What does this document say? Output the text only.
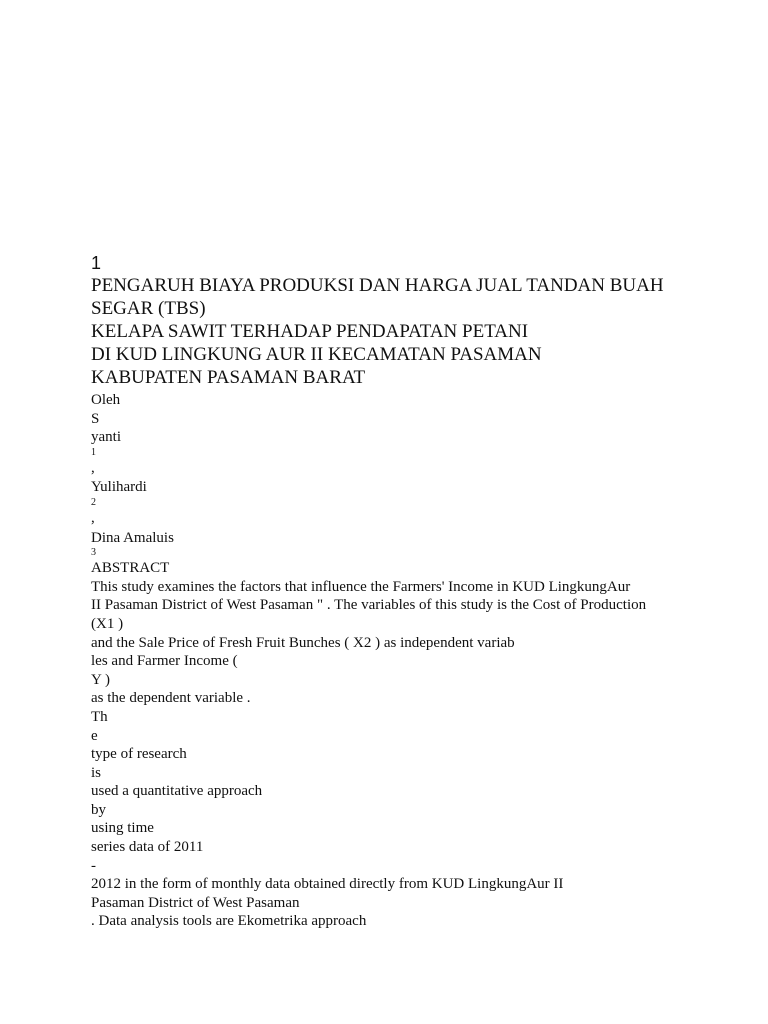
1

PENGARUH BIAYA PRODUKSI DAN HARGA JUAL TANDAN BUAH

SEGAR (TBS)

KELAPA SAWIT TERHADAP PENDAPATAN PETANI

DI KUD LINGKUNG AUR II KECAMATAN PASAMAN

KABUPATEN PASAMAN BARAT

Oleh

S

yanti

1

,

Yulihardi

2

,

Dina Amaluis

3

ABSTRACT

This study examines the factors that influence the Farmers' Income in KUD LingkungAur

II Pasaman District of West Pasaman " . The variables of this study is the Cost of Production

(X1 )

and the Sale Price of Fresh Fruit Bunches ( X2 ) as independent variab

les and Farmer Income (

Y )

as the dependent variable .

Th

e

type of research

is

used a quantitative approach

by

using time

series data of 2011

-

2012 in the form of monthly data obtained directly from KUD LingkungAur II

Pasaman District of West Pasaman

. Data analysis tools are Ekometrika approach
